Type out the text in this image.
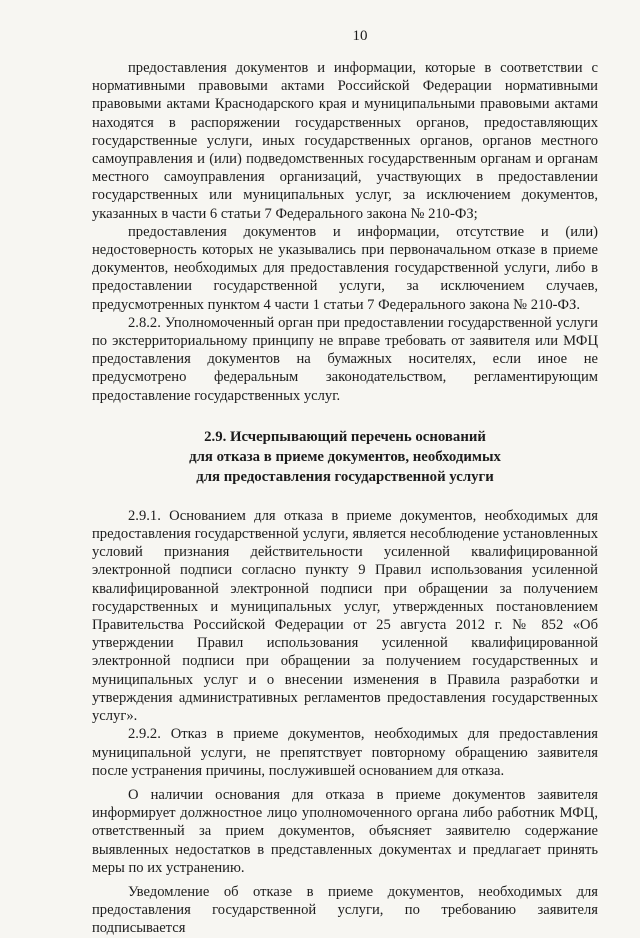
10

предоставления документов и информации, которые в соответствии с нормативными правовыми актами Российской Федерации нормативными правовыми актами Краснодарского края и муниципальными правовыми актами находятся в распоряжении государственных органов, предоставляющих государственные услуги, иных государственных органов, органов местного самоуправления и (или) подведомственных государственным органам и органам местного самоуправления организаций, участвующих в предоставлении государственных или муниципальных услуг, за исключением документов, указанных в части 6 статьи 7 Федерального закона № 210-ФЗ;

предоставления документов и информации, отсутствие и (или) недостоверность которых не указывались при первоначальном отказе в приеме документов, необходимых для предоставления государственной услуги, либо в предоставлении государственной услуги, за исключением случаев, предусмотренных пунктом 4 части 1 статьи 7 Федерального закона № 210-ФЗ.

2.8.2. Уполномоченный орган при предоставлении государственной услуги по экстерриториальному принципу не вправе требовать от заявителя или МФЦ предоставления документов на бумажных носителях, если иное не предусмотрено федеральным законодательством, регламентирующим предоставление государственных услуг.

2.9. Исчерпывающий перечень оснований
для отказа в приеме документов, необходимых
для предоставления государственной услуги

2.9.1. Основанием для отказа в приеме документов, необходимых для предоставления государственной услуги, является несоблюдение установленных условий признания действительности усиленной квалифицированной электронной подписи согласно пункту 9 Правил использования усиленной квалифицированной электронной подписи при обращении за получением государственных и муниципальных услуг, утвержденных постановлением Правительства Российской Федерации от 25 августа 2012 г. № 852 «Об утверждении Правил использования усиленной квалифицированной электронной подписи при обращении за получением государственных и муниципальных услуг и о внесении изменения в Правила разработки и утверждения административных регламентов предоставления государственных услуг».

2.9.2. Отказ в приеме документов, необходимых для предоставления муниципальной услуги, не препятствует повторному обращению заявителя после устранения причины, послужившей основанием для отказа.

О наличии основания для отказа в приеме документов заявителя информирует должностное лицо уполномоченного органа либо работник МФЦ, ответственный за прием документов, объясняет заявителю содержание выявленных недостатков в представленных документах и предлагает принять меры по их устранению.

Уведомление об отказе в приеме документов, необходимых для предоставления государственной услуги, по требованию заявителя подписывается
